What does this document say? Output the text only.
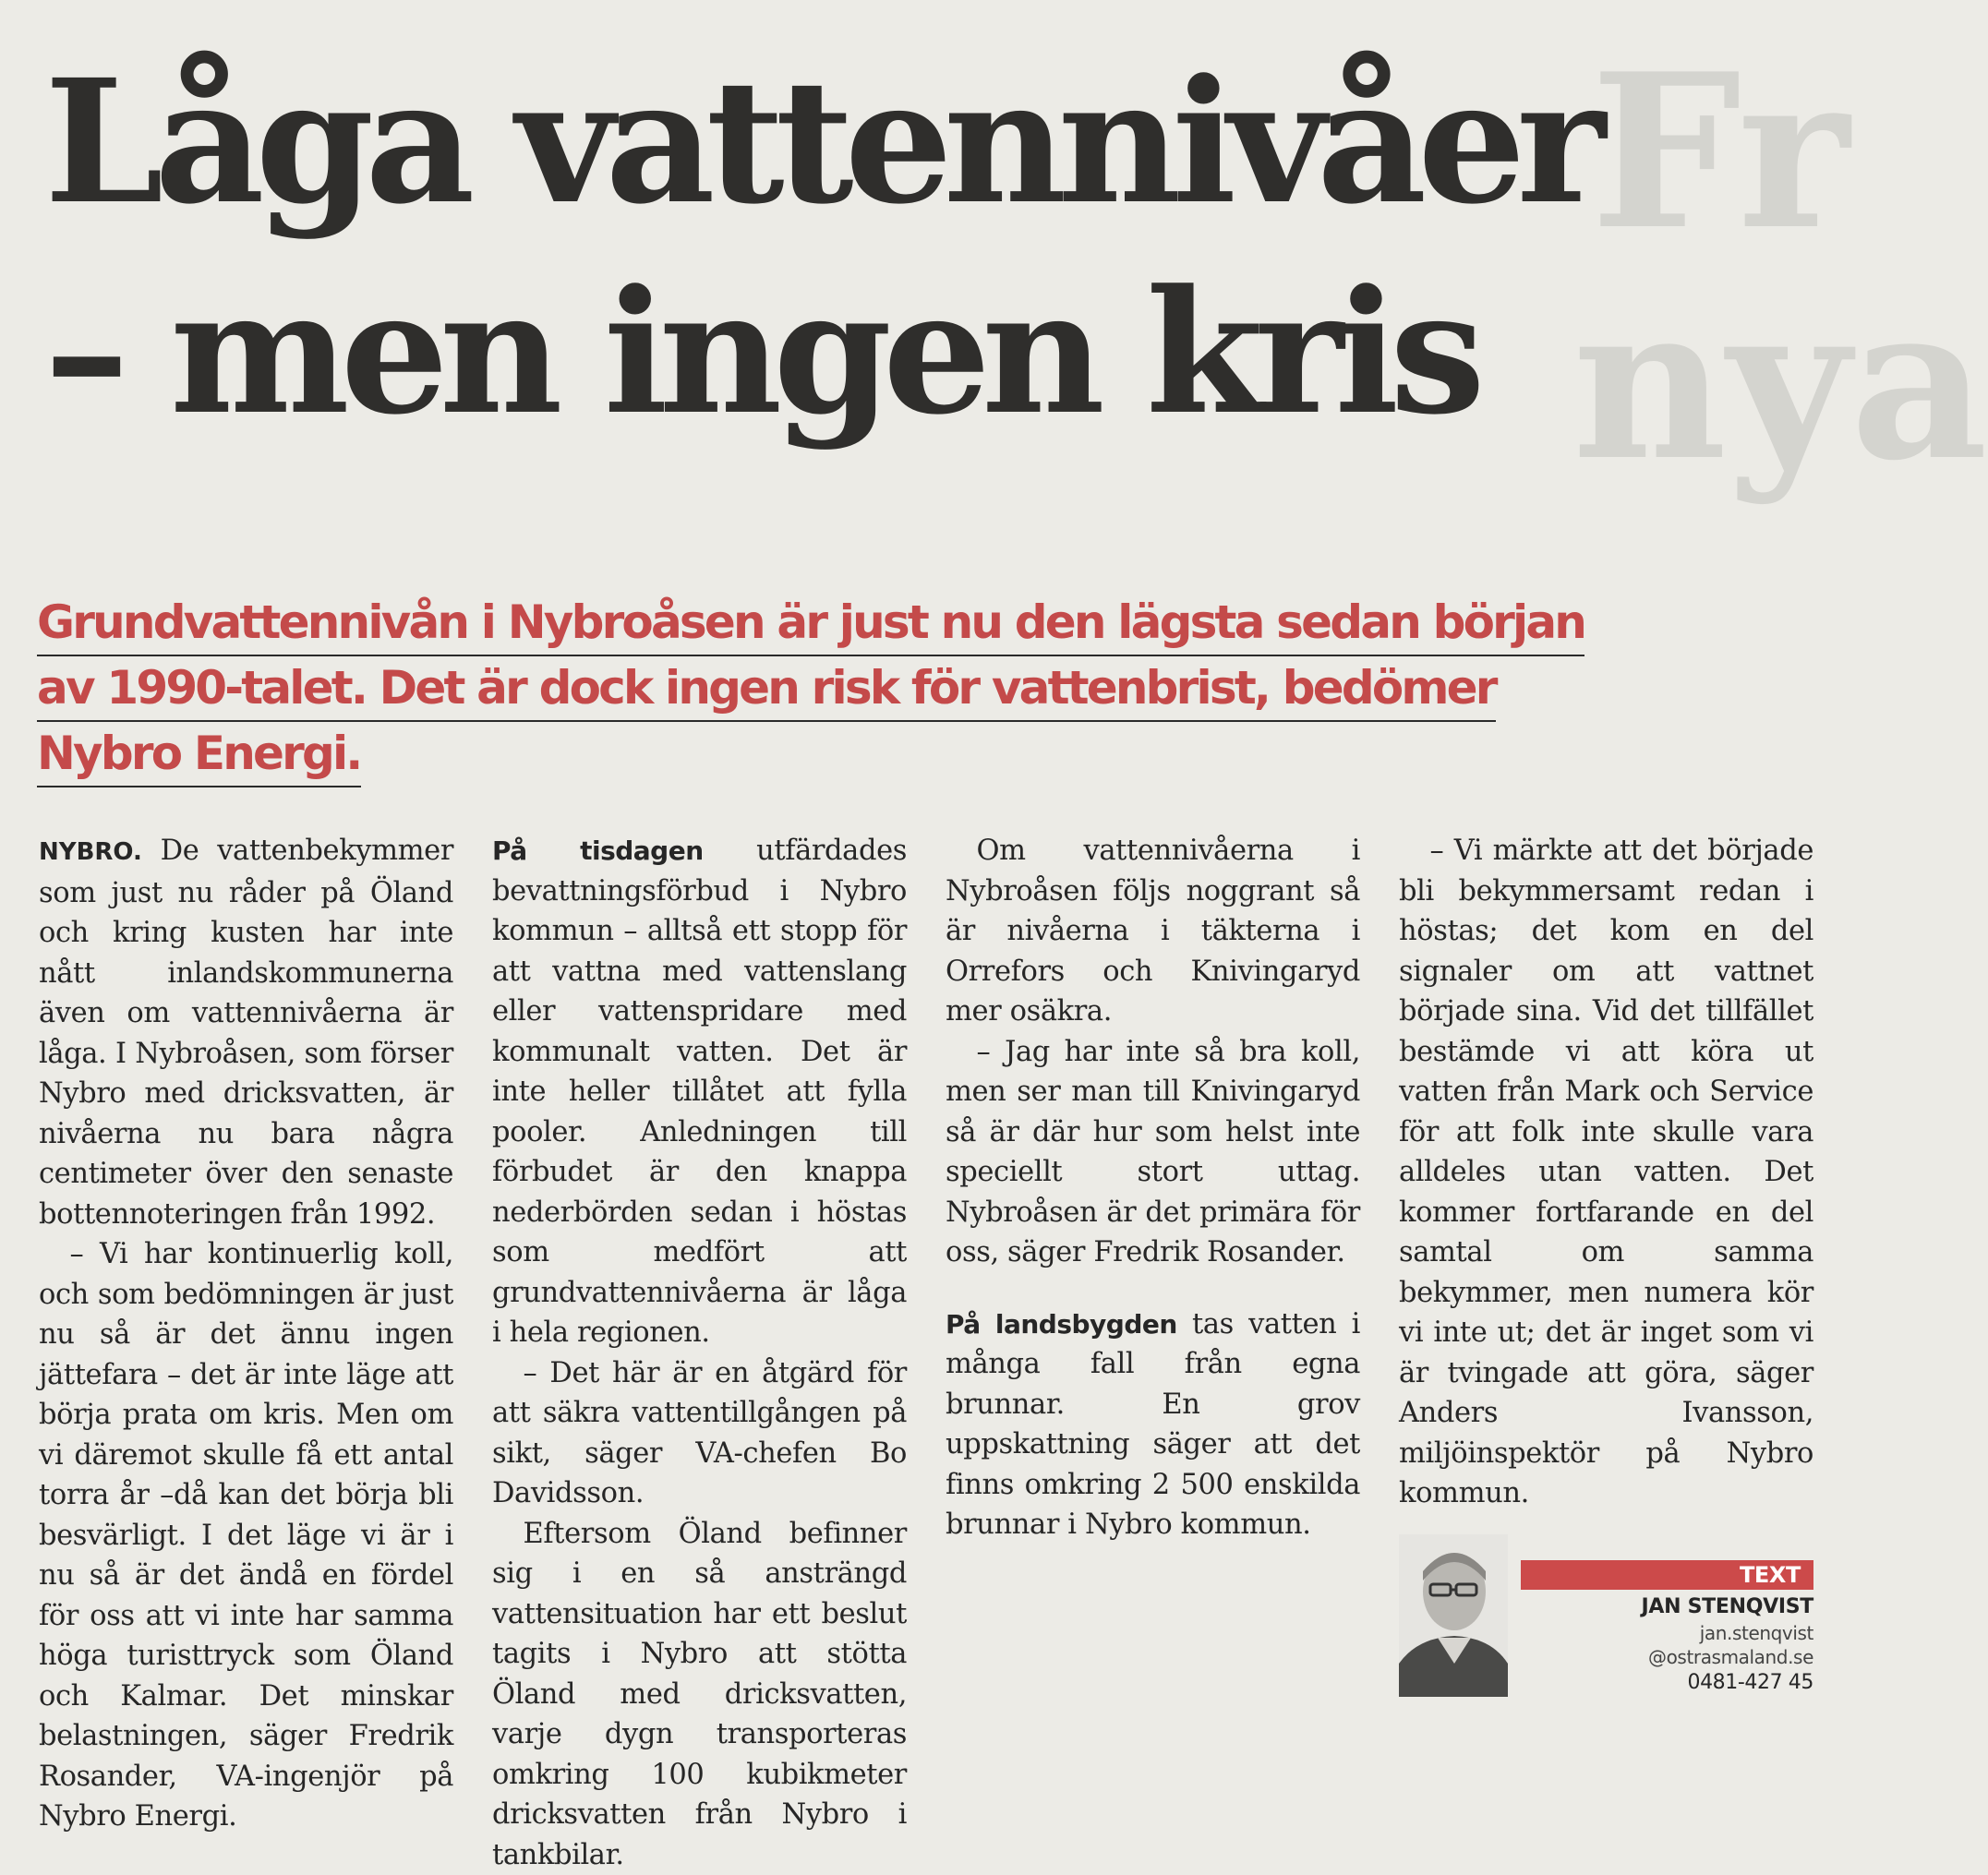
Fr
nya
Låga vattennivåer
– men ingen kris
Grundvattennivån i Nybroåsen är just nu den lägsta sedan början
av 1990-talet. Det är dock ingen risk för vattenbrist, bedömer
Nybro Energi.

NYBRO. De vattenbekymmer som just nu råder på Öland och kring kusten har inte nått inlandskommunerna även om vattennivåerna är låga. I Nybroåsen, som förser Nybro med dricksvatten, är nivåerna nu bara några centimeter över den senaste bottennoteringen från 1992.

– Vi har kontinuerlig koll, och som bedömningen är just nu så är det ännu ingen jättefara – det är inte läge att börja prata om kris. Men om vi däremot skulle få ett antal torra år –då kan det börja bli besvärligt. I det läge vi är i nu så är det ändå en fördel för oss att vi inte har samma höga turisttryck som Öland och Kalmar. Det minskar belastningen, säger Fredrik Rosander, VA-ingenjör på Nybro Energi.

På tisdagen utfärdades bevattningsförbud i Nybro kommun – alltså ett stopp för att vattna med vattenslang eller vattenspridare med kommunalt vatten. Det är inte heller tillåtet att fylla pooler. Anledningen till förbudet är den knappa nederbörden sedan i höstas som medfört att grundvattennivåerna är låga i hela regionen.

– Det här är en åtgärd för att säkra vattentillgången på sikt, säger VA-chefen Bo Davidsson.

Eftersom Öland befinner sig i en så ansträngd vattensituation har ett beslut tagits i Nybro att stötta Öland med dricksvatten, varje dygn transporteras omkring 100 kubikmeter dricksvatten från Nybro i tankbilar.

Om vattennivåerna i Nybroåsen följs noggrant så är nivåerna i täkterna i Orrefors och Knivingaryd mer osäkra.

– Jag har inte så bra koll, men ser man till Knivingaryd så är där hur som helst inte speciellt stort uttag. Nybroåsen är det primära för oss, säger Fredrik Rosander.

På landsbygden tas vatten i många fall från egna brunnar. En grov uppskattning säger att det finns omkring 2 500 enskilda brunnar i Nybro kommun.

– Vi märkte att det började bli bekymmersamt redan i höstas; det kom en del signaler om att vattnet började sina. Vid det tillfället bestämde vi att köra ut vatten från Mark och Service för att folk inte skulle vara alldeles utan vatten. Det kommer fortfarande en del samtal om samma bekymmer, men numera kör vi inte ut; det är inget som vi är tvingade att göra, säger Anders Ivansson, miljöinspektör på Nybro kommun.

TEXT
JAN STENQVIST
jan.stenqvist
@ostrasmaland.se
0481-427 45
